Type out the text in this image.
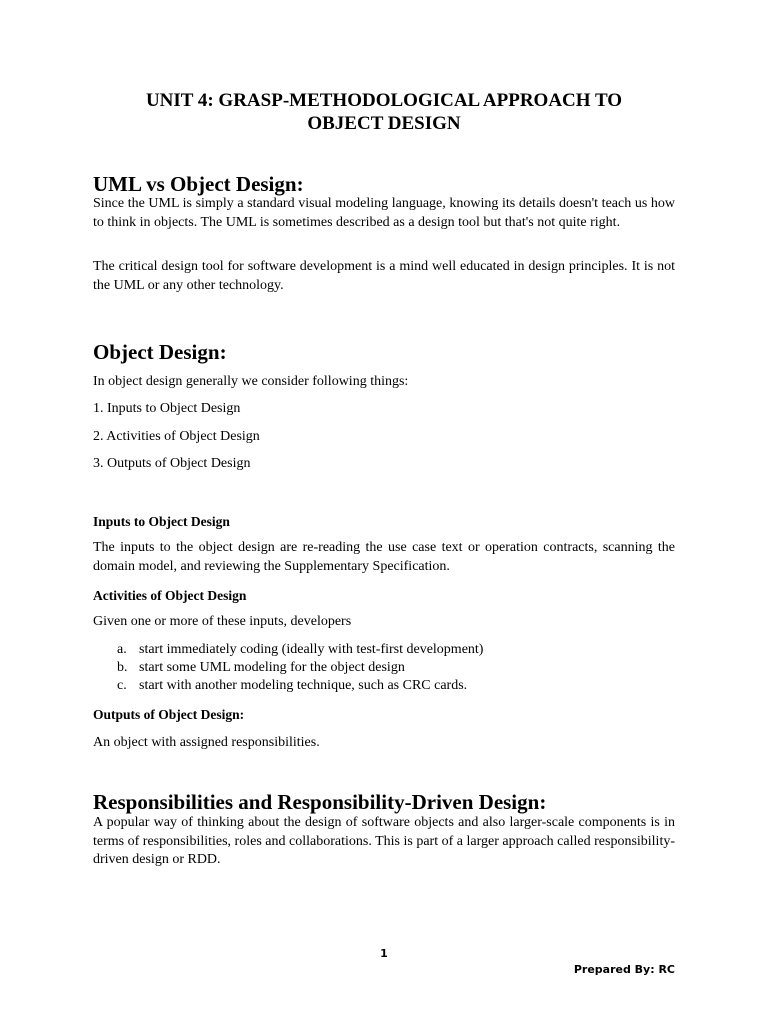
UNIT 4: GRASP-METHODOLOGICAL APPROACH TO
OBJECT DESIGN
UML vs Object Design:

Since the UML is simply a standard visual modeling language, knowing its details doesn't teach us how to think in objects. The UML is sometimes described as a design tool but that's not quite right.

The critical design tool for software development is a mind well educated in design principles. It is not the UML or any other technology.

Object Design:

In object design generally we consider following things:

1. Inputs to Object Design

2. Activities of Object Design

3. Outputs of Object Design

Inputs to Object Design

The inputs to the object design are re-reading the use case text or operation contracts, scanning the domain model, and reviewing the Supplementary Specification.

Activities of Object Design

Given one or more of these inputs, developers

a. start immediately coding (ideally with test-first development)
b. start some UML modeling for the object design
c. start with another modeling technique, such as CRC cards.
Outputs of Object Design:

An object with assigned responsibilities.

Responsibilities and Responsibility-Driven Design:

A popular way of thinking about the design of software objects and also larger-scale components is in terms of responsibilities, roles and collaborations. This is part of a larger approach called responsibility-driven design or RDD.

1
Prepared By: RC
